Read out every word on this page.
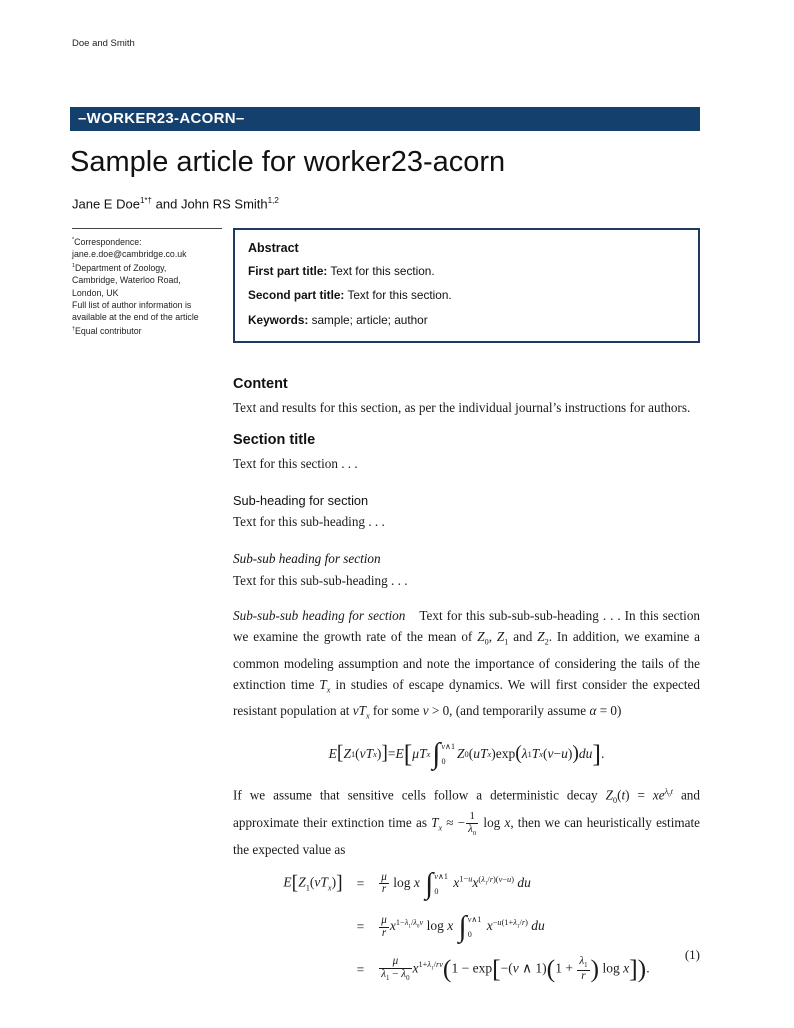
Doe and Smith
–WORKER23-ACORN–
Sample article for worker23-acorn
Jane E Doe$^{1*\dagger}$ and John RS Smith$^{1,2}$
*Correspondence:
jane.e.doe@cambridge.co.uk
$^1$Department of Zoology,
Cambridge, Waterloo Road,
London, UK
Full list of author information is
available at the end of the article
†Equal contributor
Abstract
First part title: Text for this section.
Second part title: Text for this section.
Keywords: sample; article; author
Content

Text and results for this section, as per the individual journal’s instructions for authors.

Section title

Text for this section . . .

Sub-heading for section

Text for this sub-heading . . .

Sub-sub heading for section

Text for this sub-sub-heading . . .

Sub-sub-sub heading for section Text for this sub-sub-sub-heading . . . In this section we examine the growth rate of the mean of $Z_0$, $Z_1$ and $Z_2$. In addition, we examine a common modeling assumption and note the importance of considering the tails of the extinction time $T_x$ in studies of escape dynamics. We will first consider the expected resistant population at $vT_x$ for some v > 0, (and temporarily assume α = 0)

E [ Z 1 ( vT x ) ] = E [ μT x ∫ v∧1
0
Z 0 ( uT x ) exp ( λ 1 T x ( v − u ) ) du ] .

If we assume that sensitive cells follow a deterministic decay $Z_0(t) = xe^{\lambda_0t}$ and approximate their extinction time as $T_x$ ≈ − $\frac{1}{\lambda_0}$ log x, then we can heuristically estimate the expected value as

$E[Z_1(vT_x)] = \frac{\mu}{r}$ log x ∫ v∧1
0
$x^{1-u}x^{(\lambda_1/r)(v-u)}$ du
= $\frac{\mu}{r} x^{1-\lambda_1/\lambda_0v}$ log x ∫ v∧1
0
$x^{-u(1+\lambda_1/r)}$ du
= $\frac{\mu}{\lambda_1 - \lambda_0} x^{1+\lambda_1/rv}(1 - \exp[-(v$ ∧ $1)(1 + \frac{\lambda_1}{r}$ ) log x]).
(1)
